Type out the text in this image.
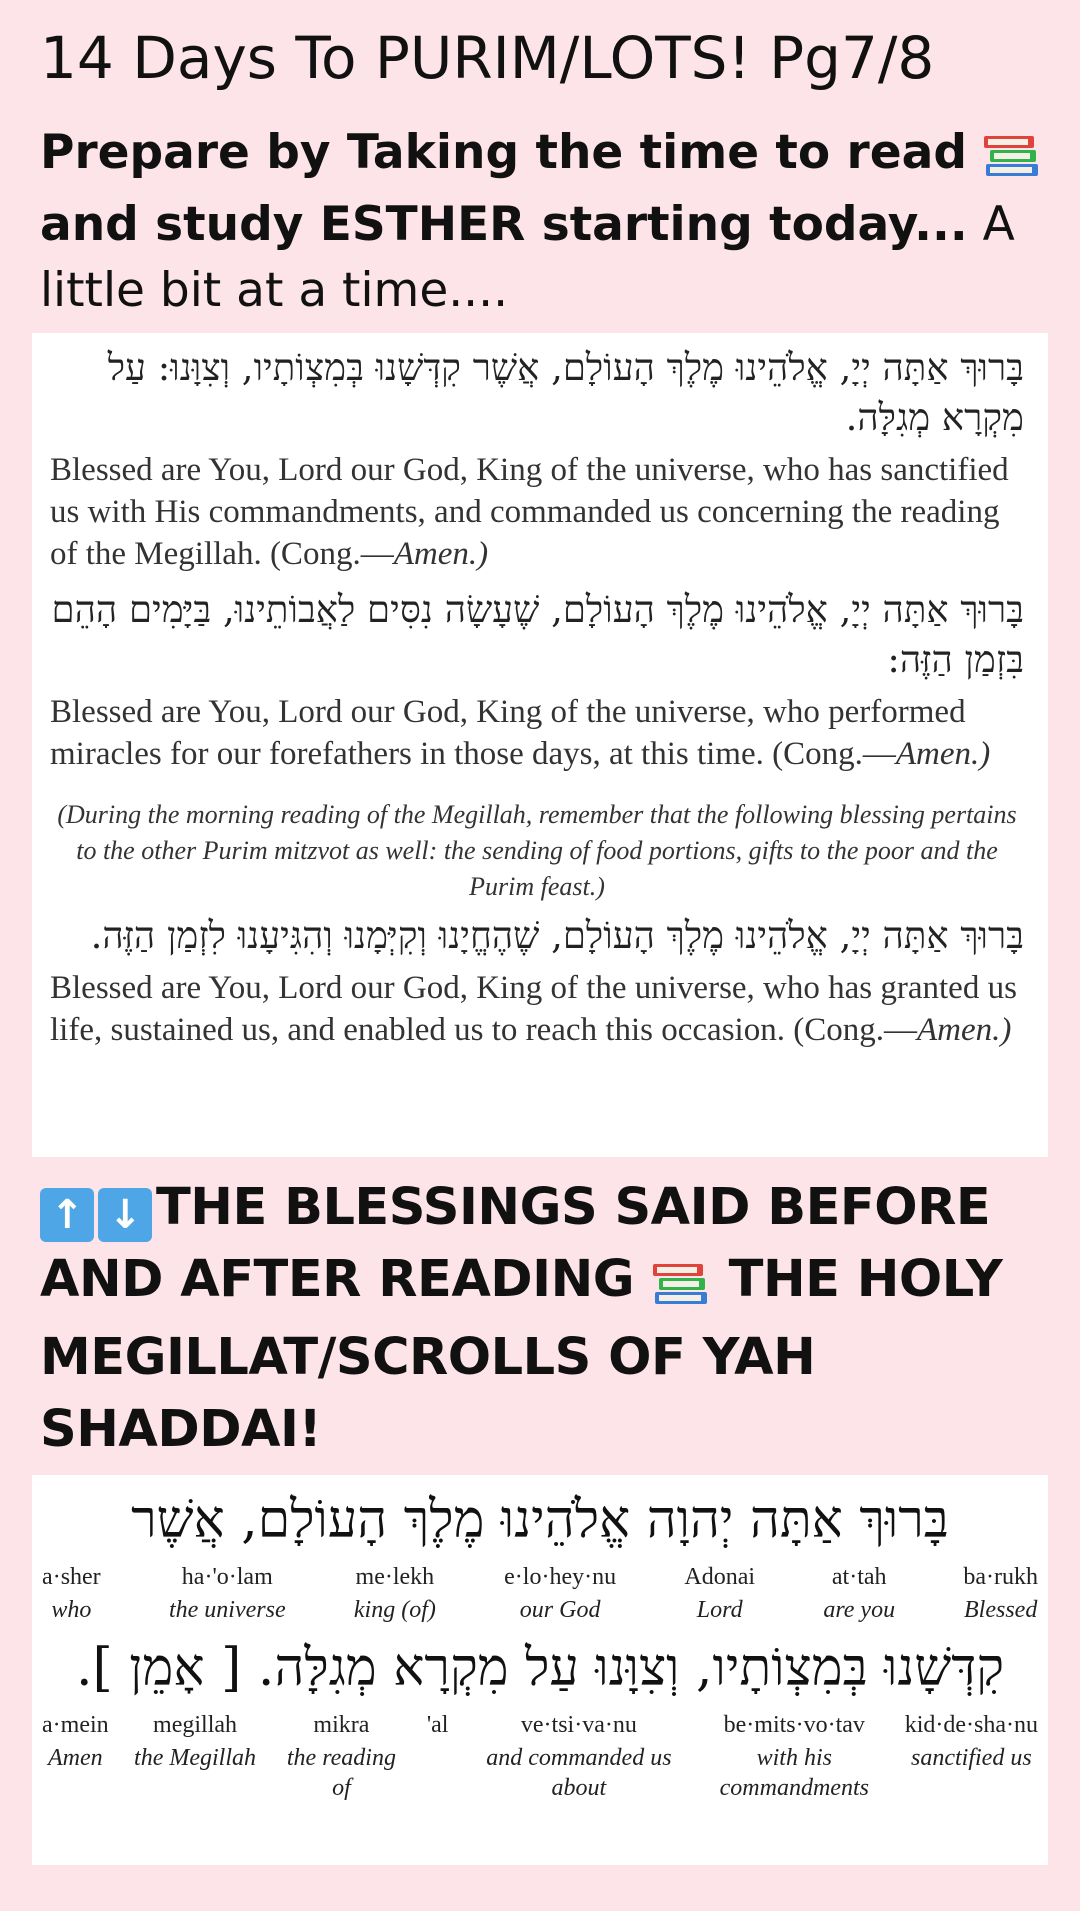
14 Days To PURIM/LOTS! Pg7/8

Prepare by Taking the time to read  and study ESTHER starting today... A little bit at a time....

בָּרוּךְ אַתָּה יְיָ, אֱלֹהֵינוּ מֶלֶךְ הָעוֹלָם, אֲשֶׁר קִדְּשָׁנוּ בְּמִצְוֹתָיו, וְצִוָּנוּ: עַל מִקְרָא מְגִלָּה.

Blessed are You, Lord our God, King of the universe, who has sanctified us with His commandments, and commanded us concerning the reading of the Megillah. (Cong.—Amen.)

בָּרוּךְ אַתָּה יְיָ, אֱלֹהֵינוּ מֶלֶךְ הָעוֹלָם, שֶׁעָשָׂה נִסִּים לַאֲבוֹתֵינוּ, בַּיָּמִים הָהֵם בִּזְמַן הַזֶּה:

Blessed are You, Lord our God, King of the universe, who performed miracles for our forefathers in those days, at this time. (Cong.—Amen.)

(During the morning reading of the Megillah, remember that the following blessing pertains to the other Purim mitzvot as well: the sending of food portions, gifts to the poor and the Purim feast.)

בָּרוּךְ אַתָּה יְיָ, אֱלֹהֵינוּ מֶלֶךְ הָעוֹלָם, שֶׁהֶחֱיָנוּ וְקִיְּמָנוּ וְהִגִּיעָנוּ לִזְמַן הַזֶּה.

Blessed are You, Lord our God, King of the universe, who has granted us life, sustained us, and enabled us to reach this occasion. (Cong.—Amen.)

↑ ↓ THE BLESSINGS SAID BEFORE AND AFTER READING  THE HOLY MEGILLAT/SCROLLS OF YAH SHADDAI!

בָּרוּךְ אַתָּה יְהוָה אֱלֹהֵינוּ מֶלֶךְ הָעוֹלָם, אֲשֶׁר

ba·rukh
Blessed
at·tah
are you
Adonai
Lord
e·lo·hey·nu
our God
me·lekh
king (of)
ha·'o·lam
the universe
a·sher
who

קִדְּשָׁנוּ בְּמִצְוֹתָיו, וְצִוָּנוּ עַל מִקְרָא מְגִלָּה. [ אָמֵן ].

kid·de·sha·nu
sanctified us
be·mits·vo·tav
with his commandments
ve·tsi·va·nu
and commanded us about
'al
mikra
the reading of
megillah
the Megillah
a·mein
Amen
